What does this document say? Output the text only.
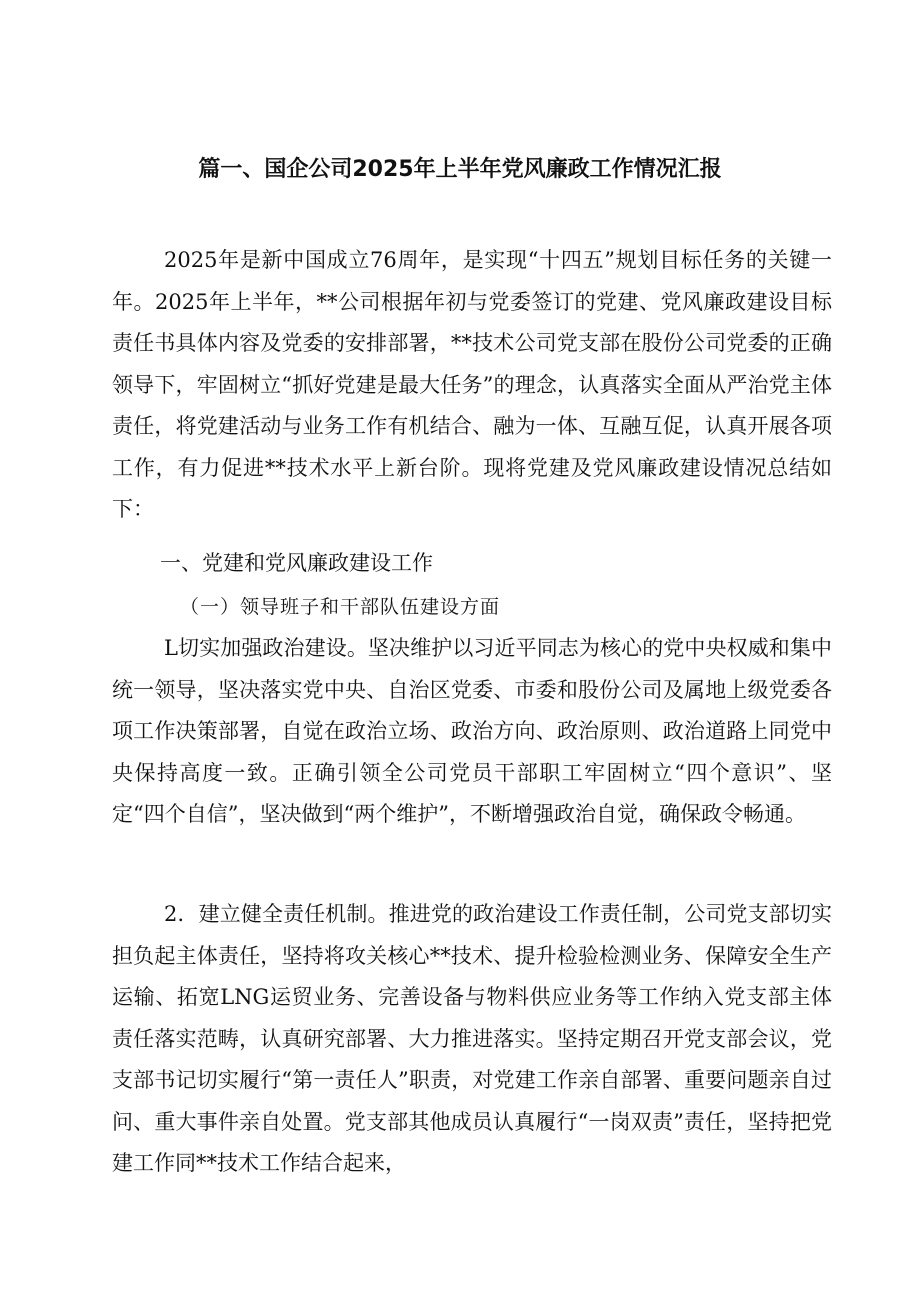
篇一、国企公司2025年上半年党风廉政工作情况汇报
2025年是新中国成立76周年，是实现“十四五”规划目标任务的关键一年。2025年上半年，**公司根据年初与党委签订的党建、党风廉政建设目标责任书具体内容及党委的安排部署，**技术公司党支部在股份公司党委的正确领导下，牢固树立“抓好党建是最大任务”的理念，认真落实全面从严治党主体责任，将党建活动与业务工作有机结合、融为一体、互融互促，认真开展各项工作，有力促进**技术水平上新台阶。现将党建及党风廉政建设情况总结如下：
一、党建和党风廉政建设工作
（一）领导班子和干部队伍建设方面
L切实加强政治建设。坚决维护以习近平同志为核心的党中央权威和集中统一领导，坚决落实党中央、自治区党委、市委和股份公司及属地上级党委各项工作决策部署，自觉在政治立场、政治方向、政治原则、政治道路上同党中央保持高度一致。正确引领全公司党员干部职工牢固树立“四个意识”、坚定“四个自信”，坚决做到“两个维护”，不断增强政治自觉，确保政令畅通。
2．建立健全责任机制。推进党的政治建设工作责任制，公司党支部切实担负起主体责任，坚持将攻关核心**技术、提升检验检测业务、保障安全生产运输、拓宽LNG运贸业务、完善设备与物料供应业务等工作纳入党支部主体责任落实范畴，认真研究部署、大力推进落实。坚持定期召开党支部会议，党支部书记切实履行“第一责任人”职责，对党建工作亲自部署、重要问题亲自过问、重大事件亲自处置。党支部其他成员认真履行“一岗双责”责任，坚持把党建工作同**技术工作结合起来，
